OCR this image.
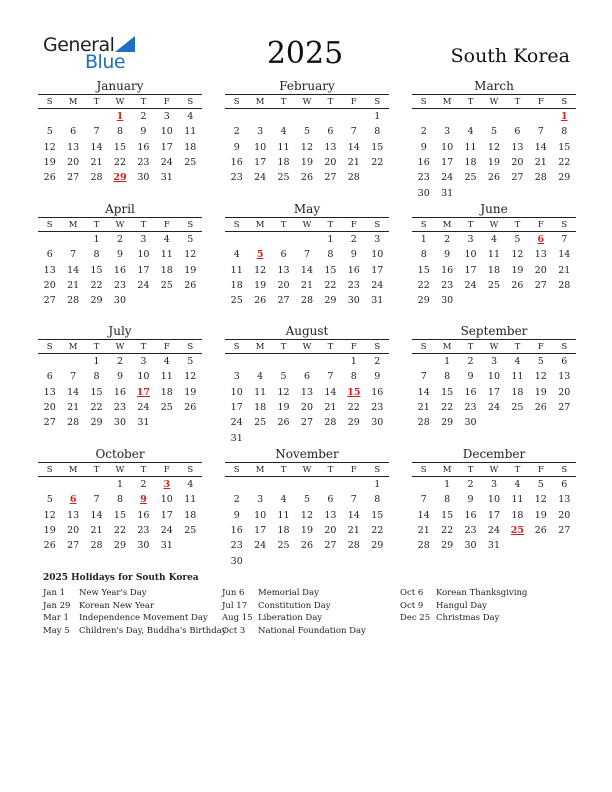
General
Blue	2025	South Korea
January
S	M	T	W	T	F	S
			1	2	3	4
5	6	7	8	9	10	11
12	13	14	15	16	17	18
19	20	21	22	23	24	25
26	27	28	29	30	31	
February
S	M	T	W	T	F	S
						1
2	3	4	5	6	7	8
9	10	11	12	13	14	15
16	17	18	19	20	21	22
23	24	25	26	27	28	
March
S	M	T	W	T	F	S
						1
2	3	4	5	6	7	8
9	10	11	12	13	14	15
16	17	18	19	20	21	22
23	24	25	26	27	28	29
30	31					
April
S	M	T	W	T	F	S
		1	2	3	4	5
6	7	8	9	10	11	12
13	14	15	16	17	18	19
20	21	22	23	24	25	26
27	28	29	30			
May
S	M	T	W	T	F	S
				1	2	3
4	5	6	7	8	9	10
11	12	13	14	15	16	17
18	19	20	21	22	23	24
25	26	27	28	29	30	31
June
S	M	T	W	T	F	S
1	2	3	4	5	6	7
8	9	10	11	12	13	14
15	16	17	18	19	20	21
22	23	24	25	26	27	28
29	30					
July
S	M	T	W	T	F	S
		1	2	3	4	5
6	7	8	9	10	11	12
13	14	15	16	17	18	19
20	21	22	23	24	25	26
27	28	29	30	31		
August
S	M	T	W	T	F	S
					1	2
3	4	5	6	7	8	9
10	11	12	13	14	15	16
17	18	19	20	21	22	23
24	25	26	27	28	29	30
31						
September
S	M	T	W	T	F	S
	1	2	3	4	5	6
7	8	9	10	11	12	13
14	15	16	17	18	19	20
21	22	23	24	25	26	27
28	29	30				
October
S	M	T	W	T	F	S
			1	2	3	4
5	6	7	8	9	10	11
12	13	14	15	16	17	18
19	20	21	22	23	24	25
26	27	28	29	30	31	
November
S	M	T	W	T	F	S
						1
2	3	4	5	6	7	8
9	10	11	12	13	14	15
16	17	18	19	20	21	22
23	24	25	26	27	28	29
30						
December
S	M	T	W	T	F	S
	1	2	3	4	5	6
7	8	9	10	11	12	13
14	15	16	17	18	19	20
21	22	23	24	25	26	27
28	29	30	31			
2025 Holidays for South Korea
Jan 1 New Year's Day
Jan 29 Korean New Year
Mar 1 Independence Movement Day
May 5 Children's Day, Buddha's Birthday
Jun 6 Memorial Day
Jul 17 Constitution Day
Aug 15 Liberation Day
Oct 3 National Foundation Day
Oct 6 Korean Thanksgiving
Oct 9 Hangul Day
Dec 25 Christmas Day
